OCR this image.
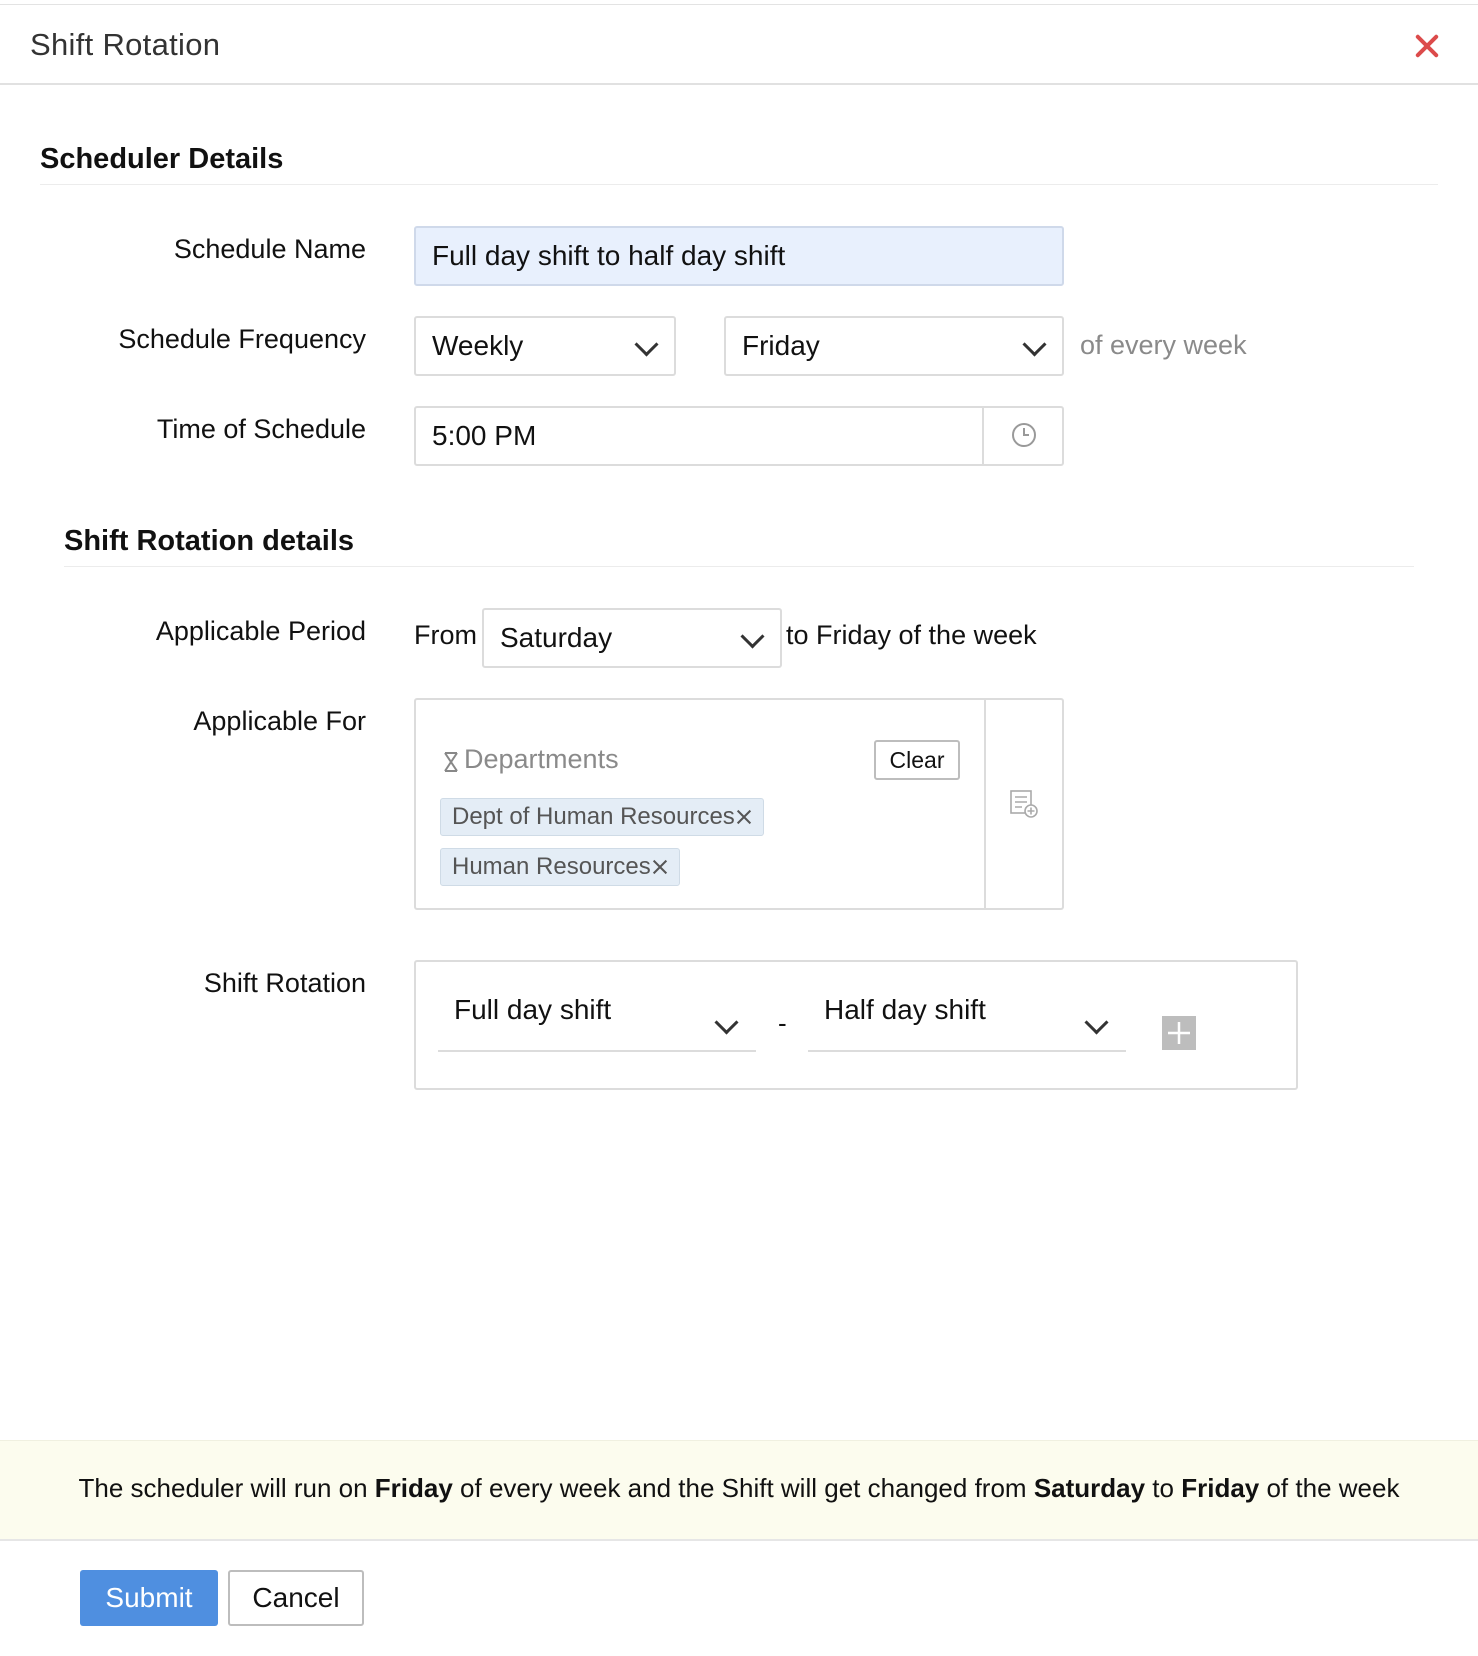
Shift Rotation
Scheduler Details
Schedule Name Full day shift to half day shift
Schedule Frequency Weekly	Friday	of every week
Time of Schedule 5:00 PM
Shift Rotation details
Applicable Period From Saturday	to Friday of the week
Applicable For
Departments	Clear
Dept of Human Resources
Human Resources
Shift Rotation
Full day shift	- Half day shift
The scheduler will run on Friday of every week and the Shift will get changed from Saturday to Friday of the week
Submit	Cancel
